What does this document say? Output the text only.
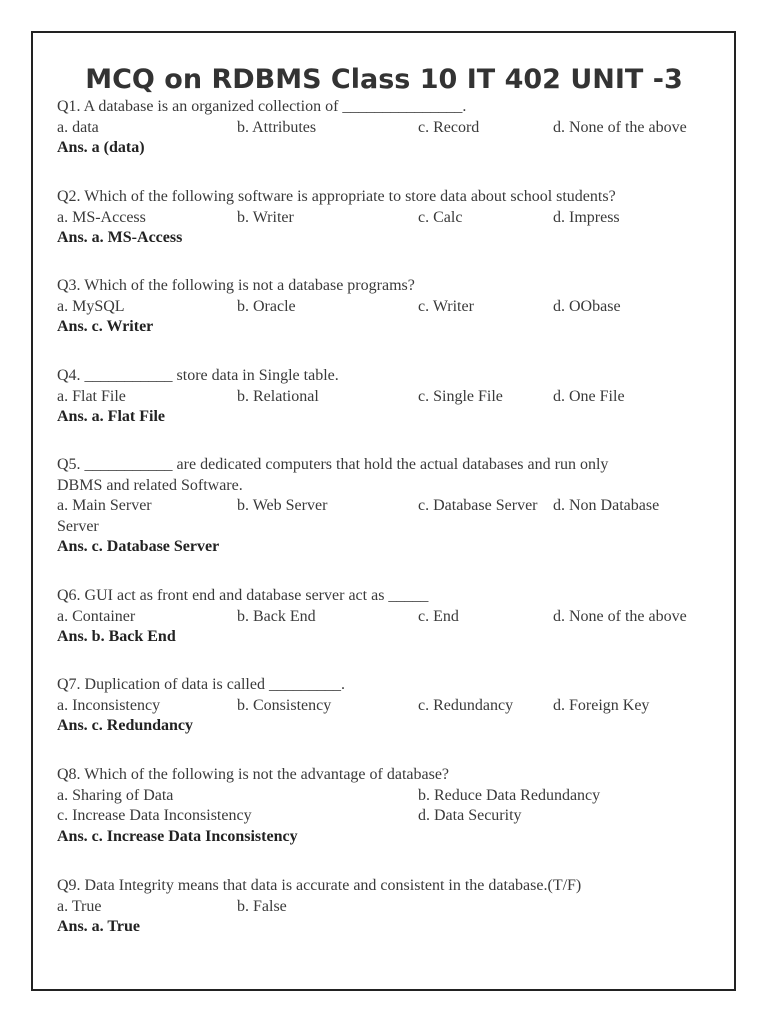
MCQ on RDBMS Class 10 IT 402 UNIT -3
Q1. A database is an organized collection of _______________.
a. data	b. Attributes	c. Record	d. None of the above
Ans. a (data)
Q2. Which of the following software is appropriate to store data about school students?
a. MS-Access	b. Writer	c. Calc	d. Impress
Ans. a. MS-Access
Q3. Which of the following is not a database programs?
a. MySQL	b. Oracle	c. Writer	d. OObase
Ans. c. Writer
Q4. ___________ store data in Single table.
a. Flat File	b. Relational	c. Single File	d. One File
Ans. a. Flat File
Q5. ___________ are dedicated computers that hold the actual databases and run only
DBMS and related Software.
a. Main Server	b. Web Server	c. Database Server d. Non Database
Server
Ans. c. Database Server
Q6. GUI act as front end and database server act as _____
a. Container	b. Back End	c. End	d. None of the above
Ans. b. Back End
Q7. Duplication of data is called _________.
a. Inconsistency	b. Consistency	c. Redundancy d. Foreign Key
Ans. c. Redundancy
Q8. Which of the following is not the advantage of database?
a. Sharing of Data	b. Reduce Data Redundancy
c. Increase Data Inconsistency	d. Data Security
Ans. c. Increase Data Inconsistency
Q9. Data Integrity means that data is accurate and consistent in the database.(T/F)
a. True	b. False
Ans. a. True
